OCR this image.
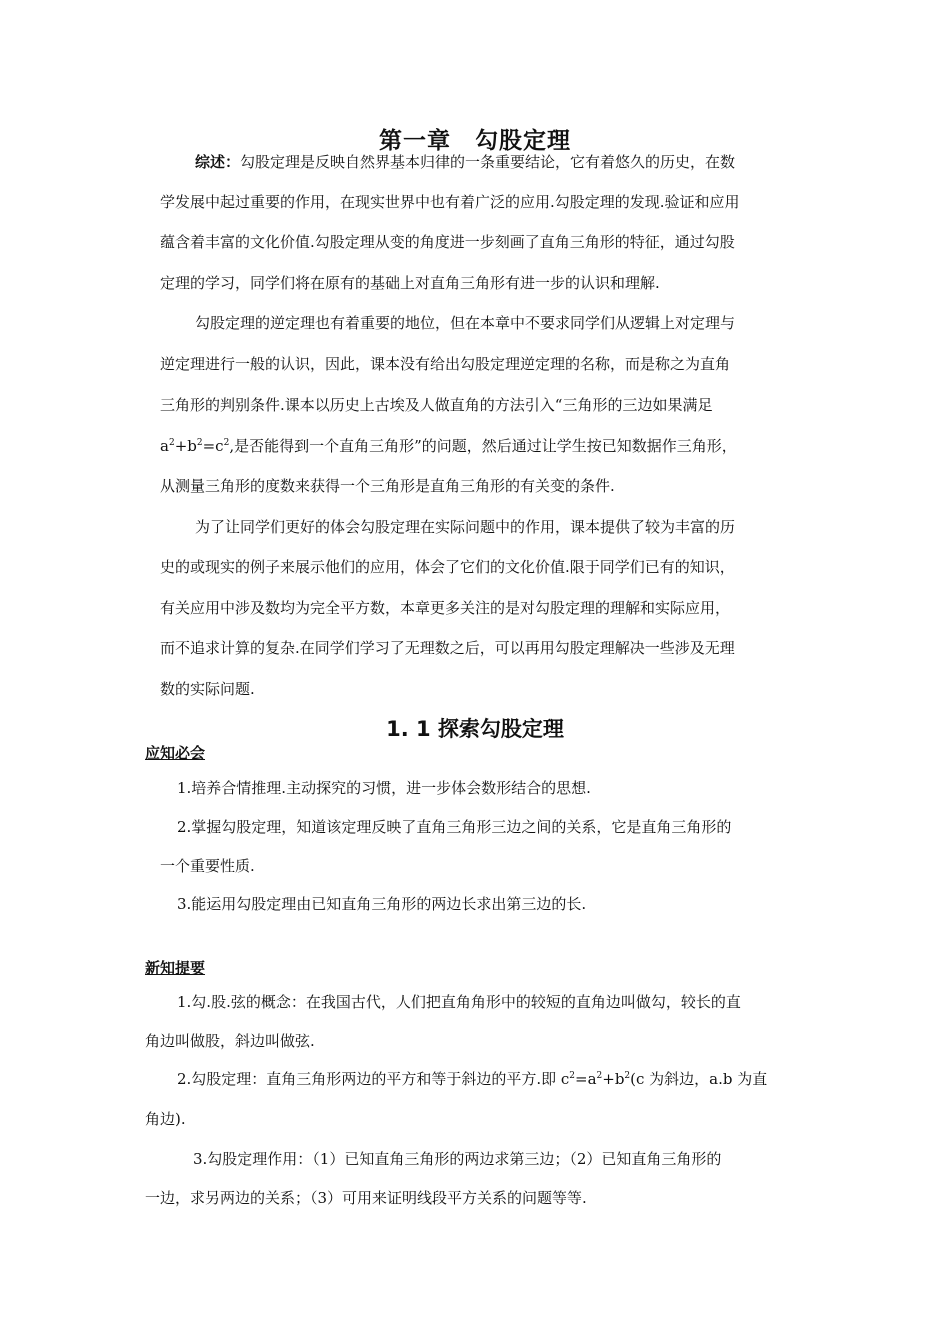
第一章　勾股定理
综述：勾股定理是反映自然界基本归律的一条重要结论，它有着悠久的历史，在数
学发展中起过重要的作用，在现实世界中也有着广泛的应用.勾股定理的发现.验证和应用
蕴含着丰富的文化价值.勾股定理从变的角度进一步刻画了直角三角形的特征，通过勾股
定理的学习，同学们将在原有的基础上对直角三角形有进一步的认识和理解.
勾股定理的逆定理也有着重要的地位，但在本章中不要求同学们从逻辑上对定理与
逆定理进行一般的认识，因此，课本没有给出勾股定理逆定理的名称，而是称之为直角
三角形的判别条件.课本以历史上古埃及人做直角的方法引入“三角形的三边如果满足
$a^2+b^2=c^2$,是否能得到一个直角三角形”的问题，然后通过让学生按已知数据作三角形，
从测量三角形的度数来获得一个三角形是直角三角形的有关变的条件.
为了让同学们更好的体会勾股定理在实际问题中的作用，课本提供了较为丰富的历
史的或现实的例子来展示他们的应用，体会了它们的文化价值.限于同学们已有的知识，
有关应用中涉及数均为完全平方数，本章更多关注的是对勾股定理的理解和实际应用，
而不追求计算的复杂.在同学们学习了无理数之后，可以再用勾股定理解决一些涉及无理
数的实际问题.
1. 1 探索勾股定理
应知必会
1.培养合情推理.主动探究的习惯，进一步体会数形结合的思想.
2.掌握勾股定理，知道该定理反映了直角三角形三边之间的关系，它是直角三角形的
一个重要性质.
3.能运用勾股定理由已知直角三角形的两边长求出第三边的长.
新知提要
1.勾.股.弦的概念：在我国古代，人们把直角角形中的较短的直角边叫做勾，较长的直
角边叫做股，斜边叫做弦.
2.勾股定理：直角三角形两边的平方和等于斜边的平方.即 $c^2=a^2+b^2(c$ 为斜边，a.b 为直
角边).
3.勾股定理作用：（1）已知直角三角形的两边求第三边；（2）已知直角三角形的
一边，求另两边的关系；（3）可用来证明线段平方关系的问题等等.
